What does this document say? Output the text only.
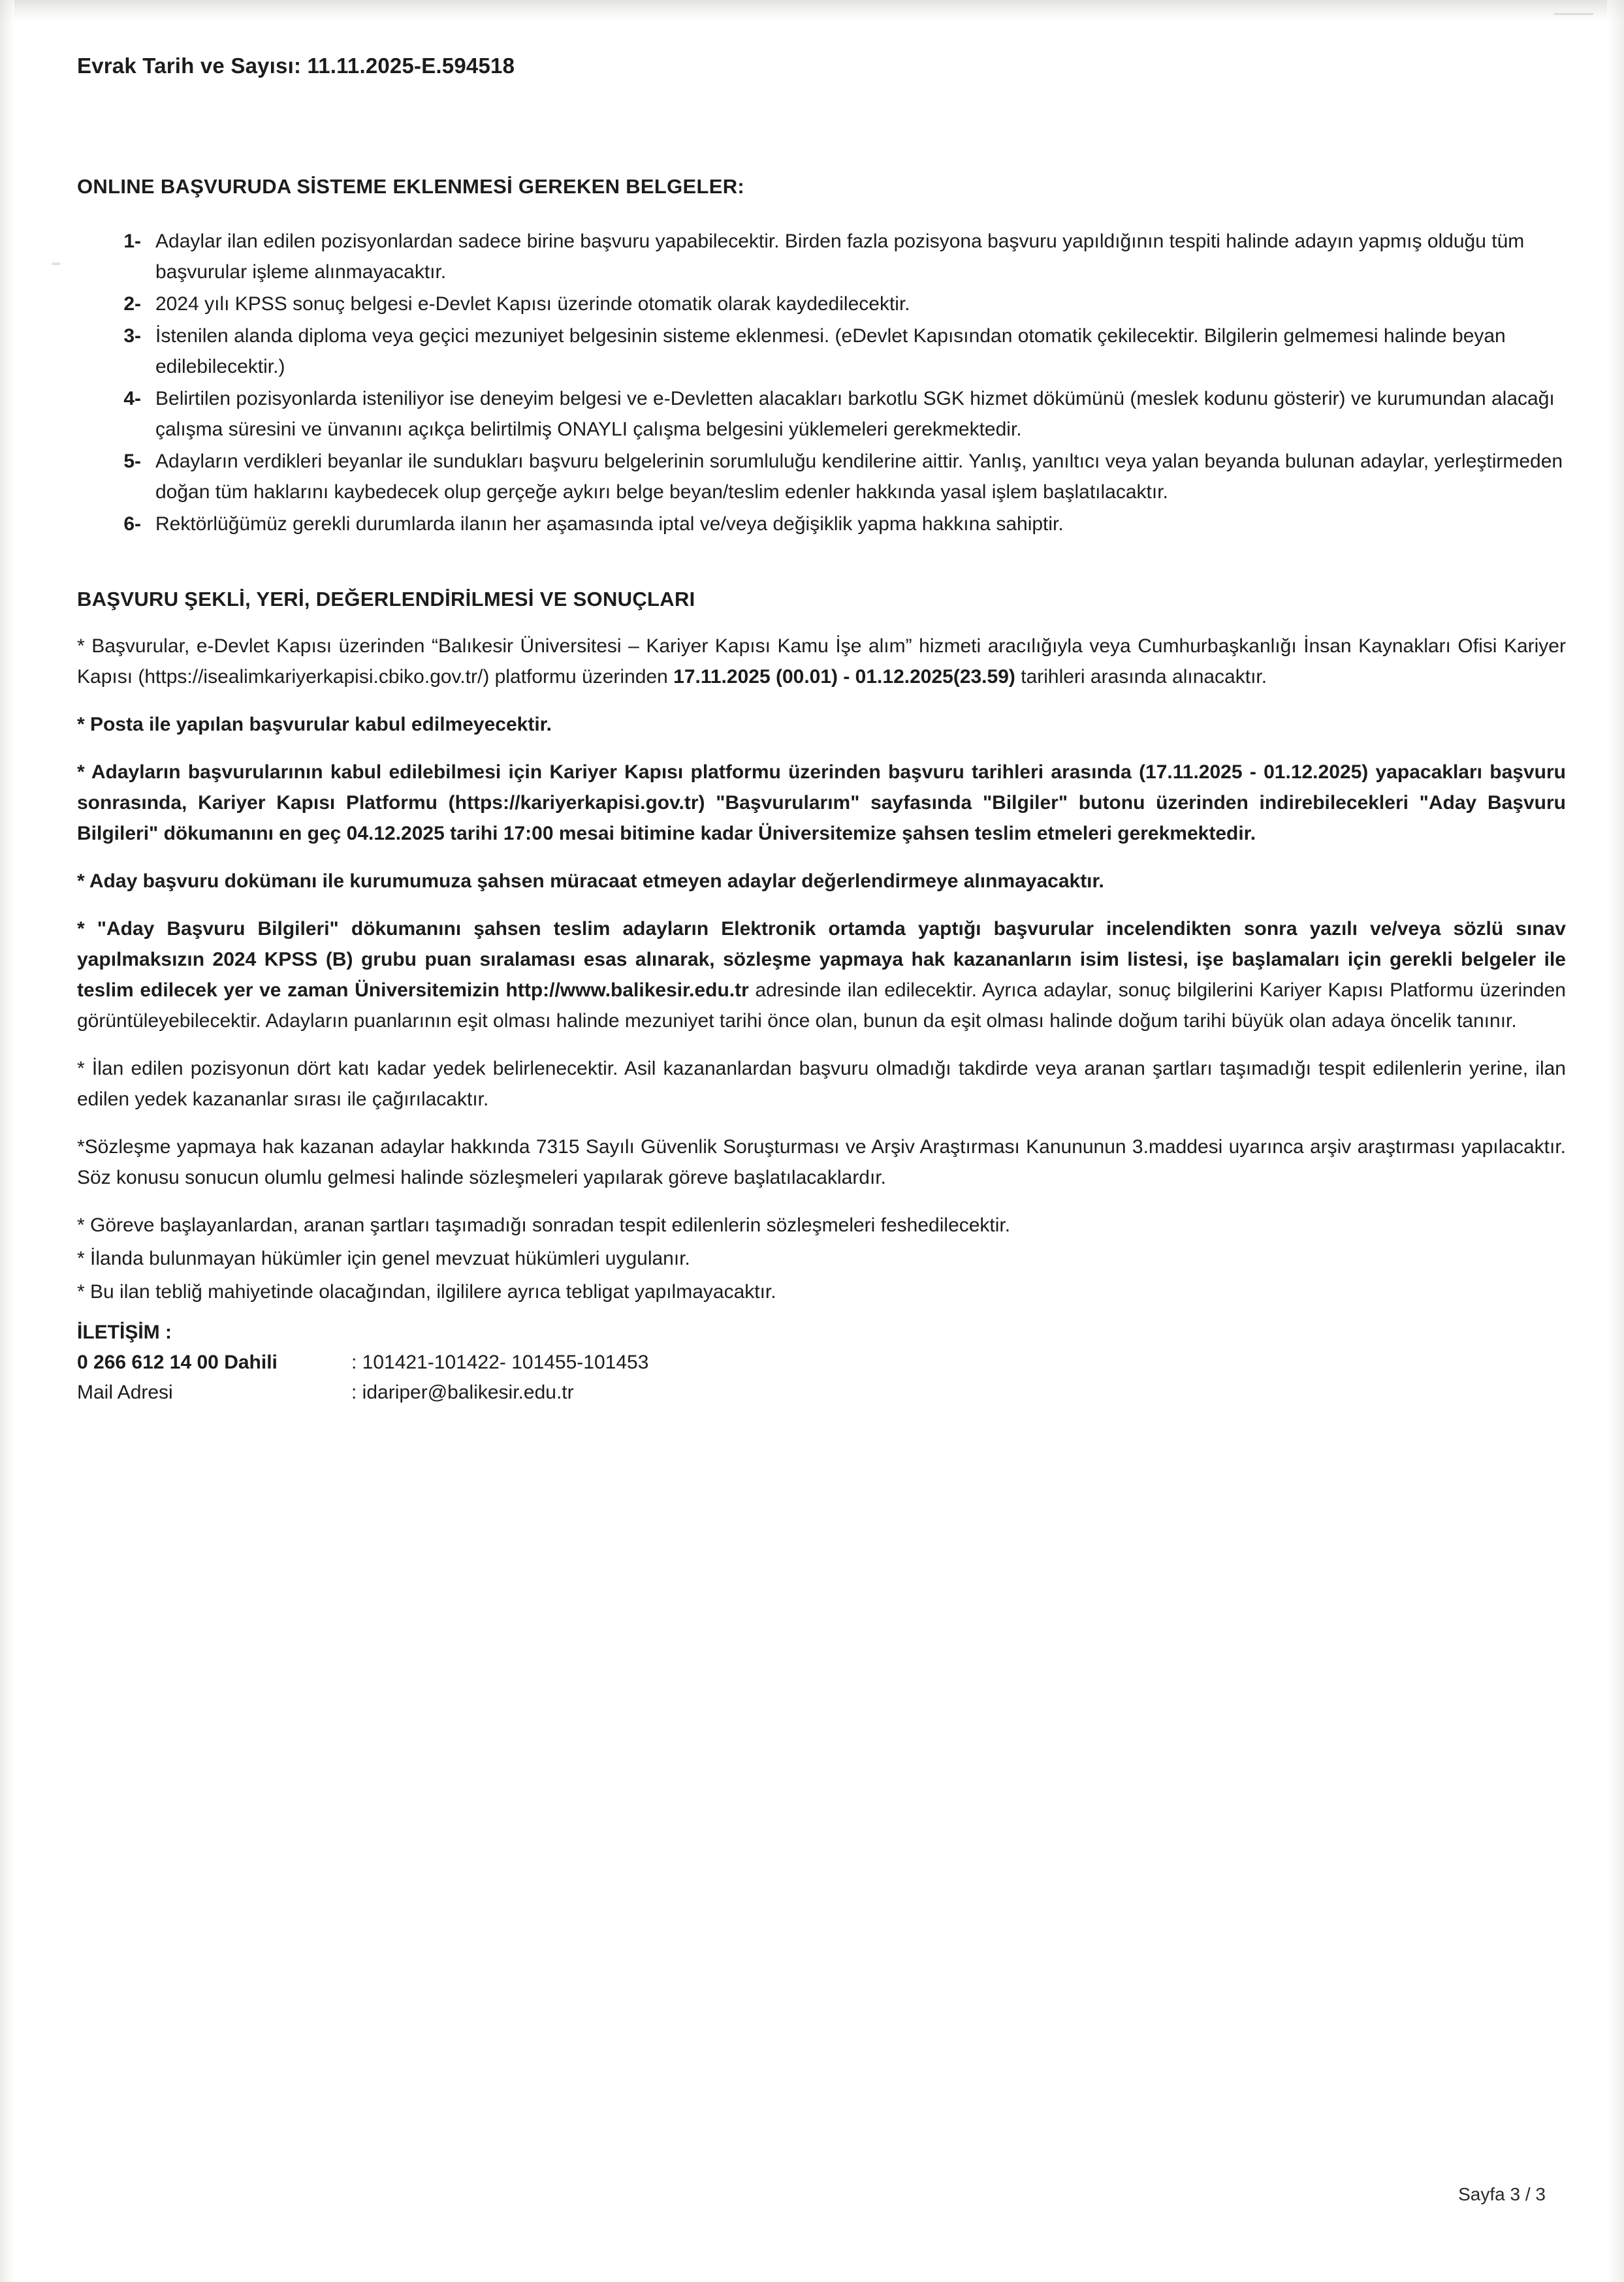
Evrak Tarih ve Sayısı: 11.11.2025-E.594518
ONLINE BAŞVURUDA SİSTEME EKLENMESİ GEREKEN BELGELER:
1- Adaylar ilan edilen pozisyonlardan sadece birine başvuru yapabilecektir. Birden fazla pozisyona başvuru yapıldığının tespiti halinde adayın yapmış olduğu tüm başvurular işleme alınmayacaktır.
2- 2024 yılı KPSS sonuç belgesi e-Devlet Kapısı üzerinde otomatik olarak kaydedilecektir.
3- İstenilen alanda diploma veya geçici mezuniyet belgesinin sisteme eklenmesi. (eDevlet Kapısından otomatik çekilecektir. Bilgilerin gelmemesi halinde beyan edilebilecektir.)
4- Belirtilen pozisyonlarda isteniliyor ise deneyim belgesi ve e-Devletten alacakları barkotlu SGK hizmet dökümünü (meslek kodunu gösterir) ve kurumundan alacağı çalışma süresini ve ünvanını açıkça belirtilmiş ONAYLI çalışma belgesini yüklemeleri gerekmektedir.
5- Adayların verdikleri beyanlar ile sundukları başvuru belgelerinin sorumluluğu kendilerine aittir. Yanlış, yanıltıcı veya yalan beyanda bulunan adaylar, yerleştirmeden doğan tüm haklarını kaybedecek olup gerçeğe aykırı belge beyan/teslim edenler hakkında yasal işlem başlatılacaktır.
6- Rektörlüğümüz gerekli durumlarda ilanın her aşamasında iptal ve/veya değişiklik yapma hakkına sahiptir.
BAŞVURU ŞEKLİ, YERİ, DEĞERLENDİRİLMESİ VE SONUÇLARI

* Başvurular, e-Devlet Kapısı üzerinden “Balıkesir Üniversitesi – Kariyer Kapısı Kamu İşe alım” hizmeti aracılığıyla veya Cumhurbaşkanlığı İnsan Kaynakları Ofisi Kariyer Kapısı (https://isealimkariyerkapisi.cbiko.gov.tr/) platformu üzerinden 17.11.2025 (00.01) - 01.12.2025(23.59) tarihleri arasında alınacaktır.

* Posta ile yapılan başvurular kabul edilmeyecektir.

* Adayların başvurularının kabul edilebilmesi için Kariyer Kapısı platformu üzerinden başvuru tarihleri arasında (17.11.2025 - 01.12.2025) yapacakları başvuru sonrasında, Kariyer Kapısı Platformu (https://kariyerkapisi.gov.tr) "Başvurularım" sayfasında "Bilgiler" butonu üzerinden indirebilecekleri "Aday Başvuru Bilgileri" dökumanını en geç 04.12.2025 tarihi 17:00 mesai bitimine kadar Üniversitemize şahsen teslim etmeleri gerekmektedir.

* Aday başvuru dokümanı ile kurumumuza şahsen müracaat etmeyen adaylar değerlendirmeye alınmayacaktır.

* "Aday Başvuru Bilgileri" dökumanını şahsen teslim adayların Elektronik ortamda yaptığı başvurular incelendikten sonra yazılı ve/veya sözlü sınav yapılmaksızın 2024 KPSS (B) grubu puan sıralaması esas alınarak, sözleşme yapmaya hak kazananların isim listesi, işe başlamaları için gerekli belgeler ile teslim edilecek yer ve zaman Üniversitemizin http://www.balikesir.edu.tr adresinde ilan edilecektir. Ayrıca adaylar, sonuç bilgilerini Kariyer Kapısı Platformu üzerinden görüntüleyebilecektir. Adayların puanlarının eşit olması halinde mezuniyet tarihi önce olan, bunun da eşit olması halinde doğum tarihi büyük olan adaya öncelik tanınır.

* İlan edilen pozisyonun dört katı kadar yedek belirlenecektir. Asil kazananlardan başvuru olmadığı takdirde veya aranan şartları taşımadığı tespit edilenlerin yerine, ilan edilen yedek kazananlar sırası ile çağırılacaktır.

*Sözleşme yapmaya hak kazanan adaylar hakkında 7315 Sayılı Güvenlik Soruşturması ve Arşiv Araştırması Kanununun 3.maddesi uyarınca arşiv araştırması yapılacaktır. Söz konusu sonucun olumlu gelmesi halinde sözleşmeleri yapılarak göreve başlatılacaklardır.

* Göreve başlayanlardan, aranan şartları taşımadığı sonradan tespit edilenlerin sözleşmeleri feshedilecektir.

* İlanda bulunmayan hükümler için genel mevzuat hükümleri uygulanır.

* Bu ilan tebliğ mahiyetinde olacağından, ilgililere ayrıca tebligat yapılmayacaktır.

İLETİŞİM :
0 266 612 14 00 Dahili	: 101421-101422- 101455-101453
Mail Adresi	: idariper@balikesir.edu.tr
Sayfa 3 / 3
